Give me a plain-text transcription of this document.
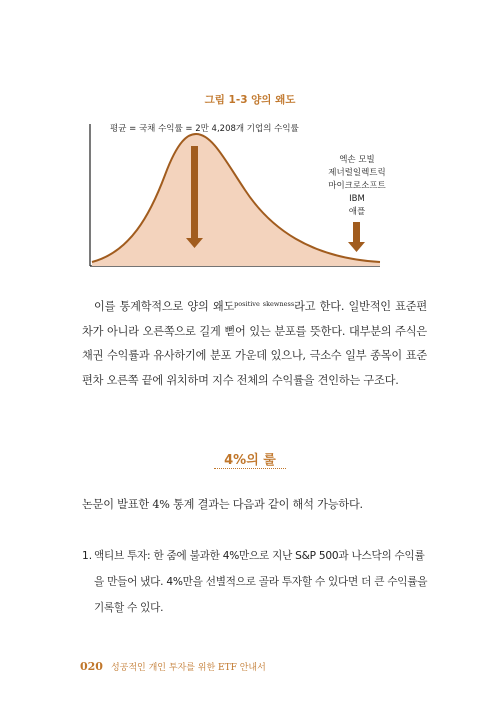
그림 1-3 양의 왜도
평균 = 국채 수익률 = 2만 4,208개 기업의 수익률
엑손 모빌
제너럴일렉트릭
마이크로소프트
IBM
애플
이를 통계학적으로 양의 왜도$^{positive skewness}$라고 한다. 일반적인 표준편차가 아니라 오른쪽으로 길게 뻗어 있는 분포를 뜻한다. 대부분의 주식은 채권 수익률과 유사하기에 분포 가운데 있으나, 극소수 일부 종목이 표준편차 오른쪽 끝에 위치하며 지수 전체의 수익률을 견인하는 구조다.
4%의 룰
논문이 발표한 4% 통계 결과는 다음과 같이 해석 가능하다.
1. 액티브 투자: 한 줌에 불과한 4%만으로 지난 S&P 500과 나스닥의 수익률을 만들어 냈다. 4%만을 선별적으로 골라 투자할 수 있다면 더 큰 수익률을 기록할 수 있다.
020 성공적인 개인 투자를 위한 ETF 안내서
